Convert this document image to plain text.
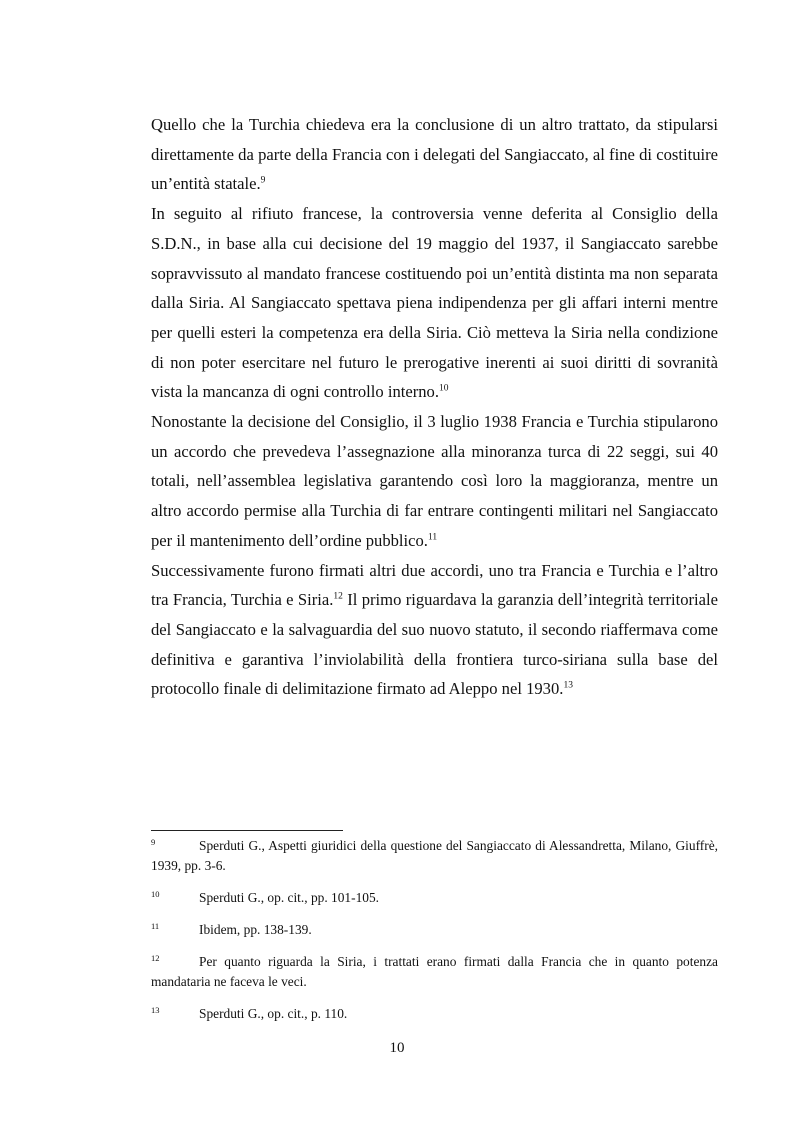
Quello che la Turchia chiedeva era la conclusione di un altro trattato, da stipularsi direttamente da parte della Francia con i delegati del Sangiaccato, al fine di costituire un’entità statale.$^9$

In seguito al rifiuto francese, la controversia venne deferita al Consiglio della S.D.N., in base alla cui decisione del 19 maggio del 1937, il Sangiaccato sarebbe sopravvissuto al mandato francese costituendo poi un’entità distinta ma non separata dalla Siria. Al Sangiaccato spettava piena indipendenza per gli affari interni mentre per quelli esteri la competenza era della Siria. Ciò metteva la Siria nella condizione di non poter esercitare nel futuro le prerogative inerenti ai suoi diritti di sovranità vista la mancanza di ogni controllo interno.$^{10}$

Nonostante la decisione del Consiglio, il 3 luglio 1938 Francia e Turchia stipularono un accordo che prevedeva l’assegnazione alla minoranza turca di 22 seggi, sui 40 totali, nell’assemblea legislativa garantendo così loro la maggioranza, mentre un altro accordo permise alla Turchia di far entrare contingenti militari nel Sangiaccato per il mantenimento dell’ordine pubblico.$^{11}$

Successivamente furono firmati altri due accordi, uno tra Francia e Turchia e l’altro tra Francia, Turchia e Siria.$^{12}$ Il primo riguardava la garanzia dell’integrità territoriale del Sangiaccato e la salvaguardia del suo nuovo statuto, il secondo riaffermava come definitiva e garantiva l’inviolabilità della frontiera turco-siriana sulla base del protocollo finale di delimitazione firmato ad Aleppo nel 1930.13

9	Sperduti G., Aspetti giuridici della questione del Sangiaccato di Alessandretta, Milano, Giuffrè, 1939, pp. 3-6.

10	Sperduti G., op. cit., pp. 101-105.

11	Ibidem, pp. 138-139.

12	Per quanto riguarda la Siria, i trattati erano firmati dalla Francia che in quanto potenza mandataria ne faceva le veci.

13	Sperduti G., op. cit., p. 110.

10
